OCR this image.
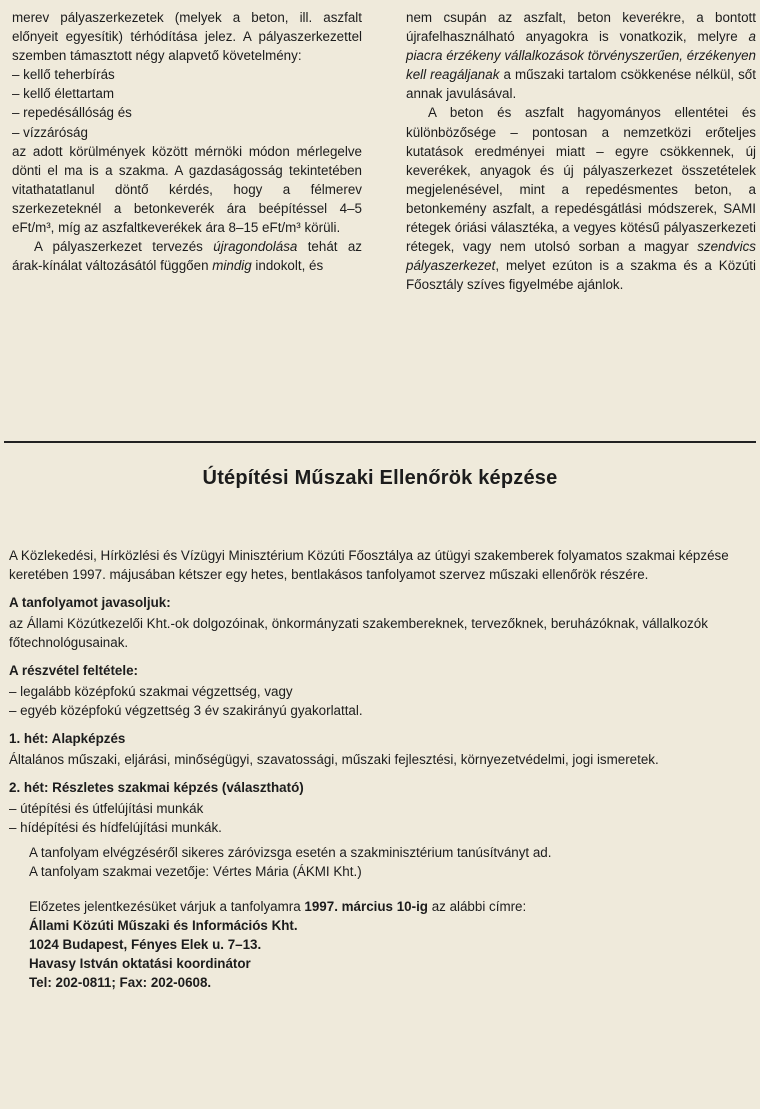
merev pályaszerkezetek (melyek a beton, ill. aszfalt előnyeit egyesítik) térhódítása jelez. A pályaszerkezettel szemben támasztott négy alapvető követelmény:

– kellő teherbírás
– kellő élettartam
– repedésállóság és
– vízzáróság

az adott körülmények között mérnöki módon mérlegelve dönti el ma is a szakma. A gazdaságosság tekintetében vitathatatlanul döntő kérdés, hogy a félmerev szerkezeteknél a betonkeverék ára beépítéssel 4–5 eFt/m³, míg az aszfaltkeverékek ára 8–15 eFt/m³ körüli.

A pályaszerkezet tervezés újragondolása tehát az árak-kínálat változásától függően mindig indokolt, és

nem csupán az aszfalt, beton keverékre, a bontott újrafelhasználható anyagokra is vonatkozik, melyre a piacra érzékeny vállalkozások törvényszerűen, érzékenyen kell reagáljanak a műszaki tartalom csökkenése nélkül, sőt annak javulásával.

A beton és aszfalt hagyományos ellentétei és különbözősége – pontosan a nemzetközi erőteljes kutatások eredményei miatt – egyre csökkennek, új keverékek, anyagok és új pályaszerkezet összetételek megjelenésével, mint a repedésmentes beton, a betonkemény aszfalt, a repedésgátlási módszerek, SAMI rétegek óriási választéka, a vegyes kötésű pályaszerkezeti rétegek, vagy nem utolsó sorban a magyar szendvics pályaszerkezet, melyet ezúton is a szakma és a Közúti Főosztály szíves figyelmébe ajánlok.

Útépítési Műszaki Ellenőrök képzése

A Közlekedési, Hírközlési és Vízügyi Minisztérium Közúti Főosztálya az útügyi szakemberek folyamatos szakmai képzése keretében 1997. májusában kétszer egy hetes, bentlakásos tanfolyamot szervez műszaki ellenőrök részére.

A tanfolyamot javasoljuk:

az Állami Közútkezelői Kht.-ok dolgozóinak, önkormányzati szakembereknek, tervezőknek, beruházóknak, vállalkozók főtechnológusainak.

A részvétel feltétele:

– legalább középfokú szakmai végzettség, vagy
– egyéb középfokú végzettség 3 év szakirányú gyakorlattal.

1. hét: Alapképzés

Általános műszaki, eljárási, minőségügyi, szavatossági, műszaki fejlesztési, környezetvédelmi, jogi ismeretek.

2. hét: Részletes szakmai képzés (választható)

– útépítési és útfelújítási munkák
– hídépítési és hídfelújítási munkák.

A tanfolyam elvégzéséről sikeres záróvizsga esetén a szakminisztérium tanúsítványt ad.

A tanfolyam szakmai vezetője: Vértes Mária (ÁKMI Kht.)

Előzetes jelentkezésüket várjuk a tanfolyamra 1997. március 10-ig az alábbi címre:

Állami Közúti Műszaki és Információs Kht.

1024 Budapest, Fényes Elek u. 7–13.

Havasy István oktatási koordinátor

Tel: 202-0811; Fax: 202-0608.
